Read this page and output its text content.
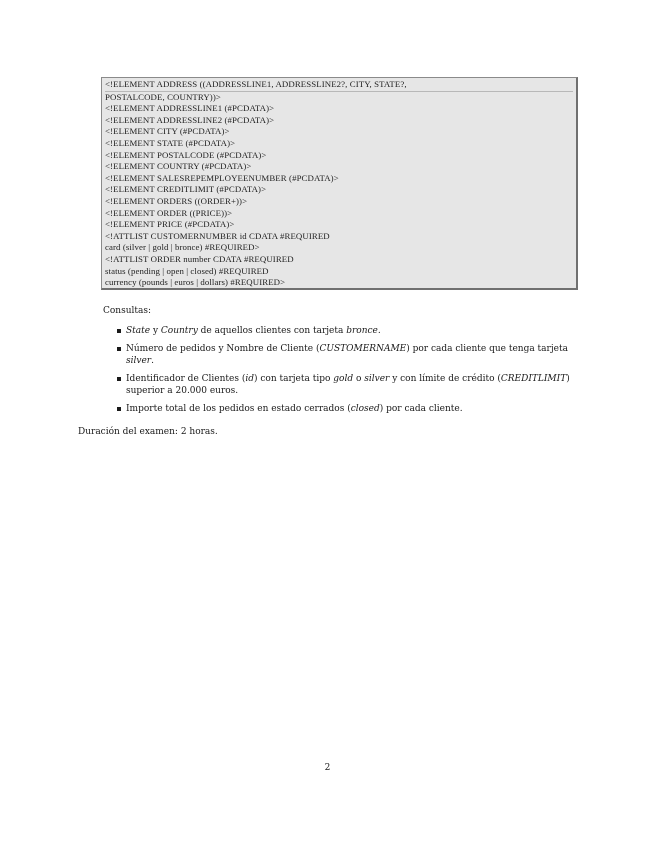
<!ELEMENT ADDRESS ((ADDRESSLINE1, ADDRESSLINE2?, CITY, STATE?,
POSTALCODE, COUNTRY))>
<!ELEMENT ADDRESSLINE1 (#PCDATA)>
<!ELEMENT ADDRESSLINE2 (#PCDATA)>
<!ELEMENT CITY (#PCDATA)>
<!ELEMENT STATE (#PCDATA)>
<!ELEMENT POSTALCODE (#PCDATA)>
<!ELEMENT COUNTRY (#PCDATA)>
<!ELEMENT SALESREPEMPLOYEENUMBER (#PCDATA)>
<!ELEMENT CREDITLIMIT (#PCDATA)>
<!ELEMENT ORDERS ((ORDER+))>
<!ELEMENT ORDER ((PRICE))>
<!ELEMENT PRICE (#PCDATA)>
<!ATTLIST CUSTOMERNUMBER id CDATA #REQUIRED
card (silver | gold | bronce) #REQUIRED>
<!ATTLIST ORDER number CDATA #REQUIRED
status (pending | open | closed) #REQUIRED
currency (pounds | euros | dollars) #REQUIRED>
Consultas:
State y Country de aquellos clientes con tarjeta bronce.
Número de pedidos y Nombre de Cliente (CUSTOMERNAME) por cada cliente que tenga tarjeta silver.
Identificador de Clientes (id) con tarjeta tipo gold o silver y con límite de crédito (CREDITLIMIT) superior a 20.000 euros.
Importe total de los pedidos en estado cerrados (closed) por cada cliente.
Duración del examen: 2 horas.
2
